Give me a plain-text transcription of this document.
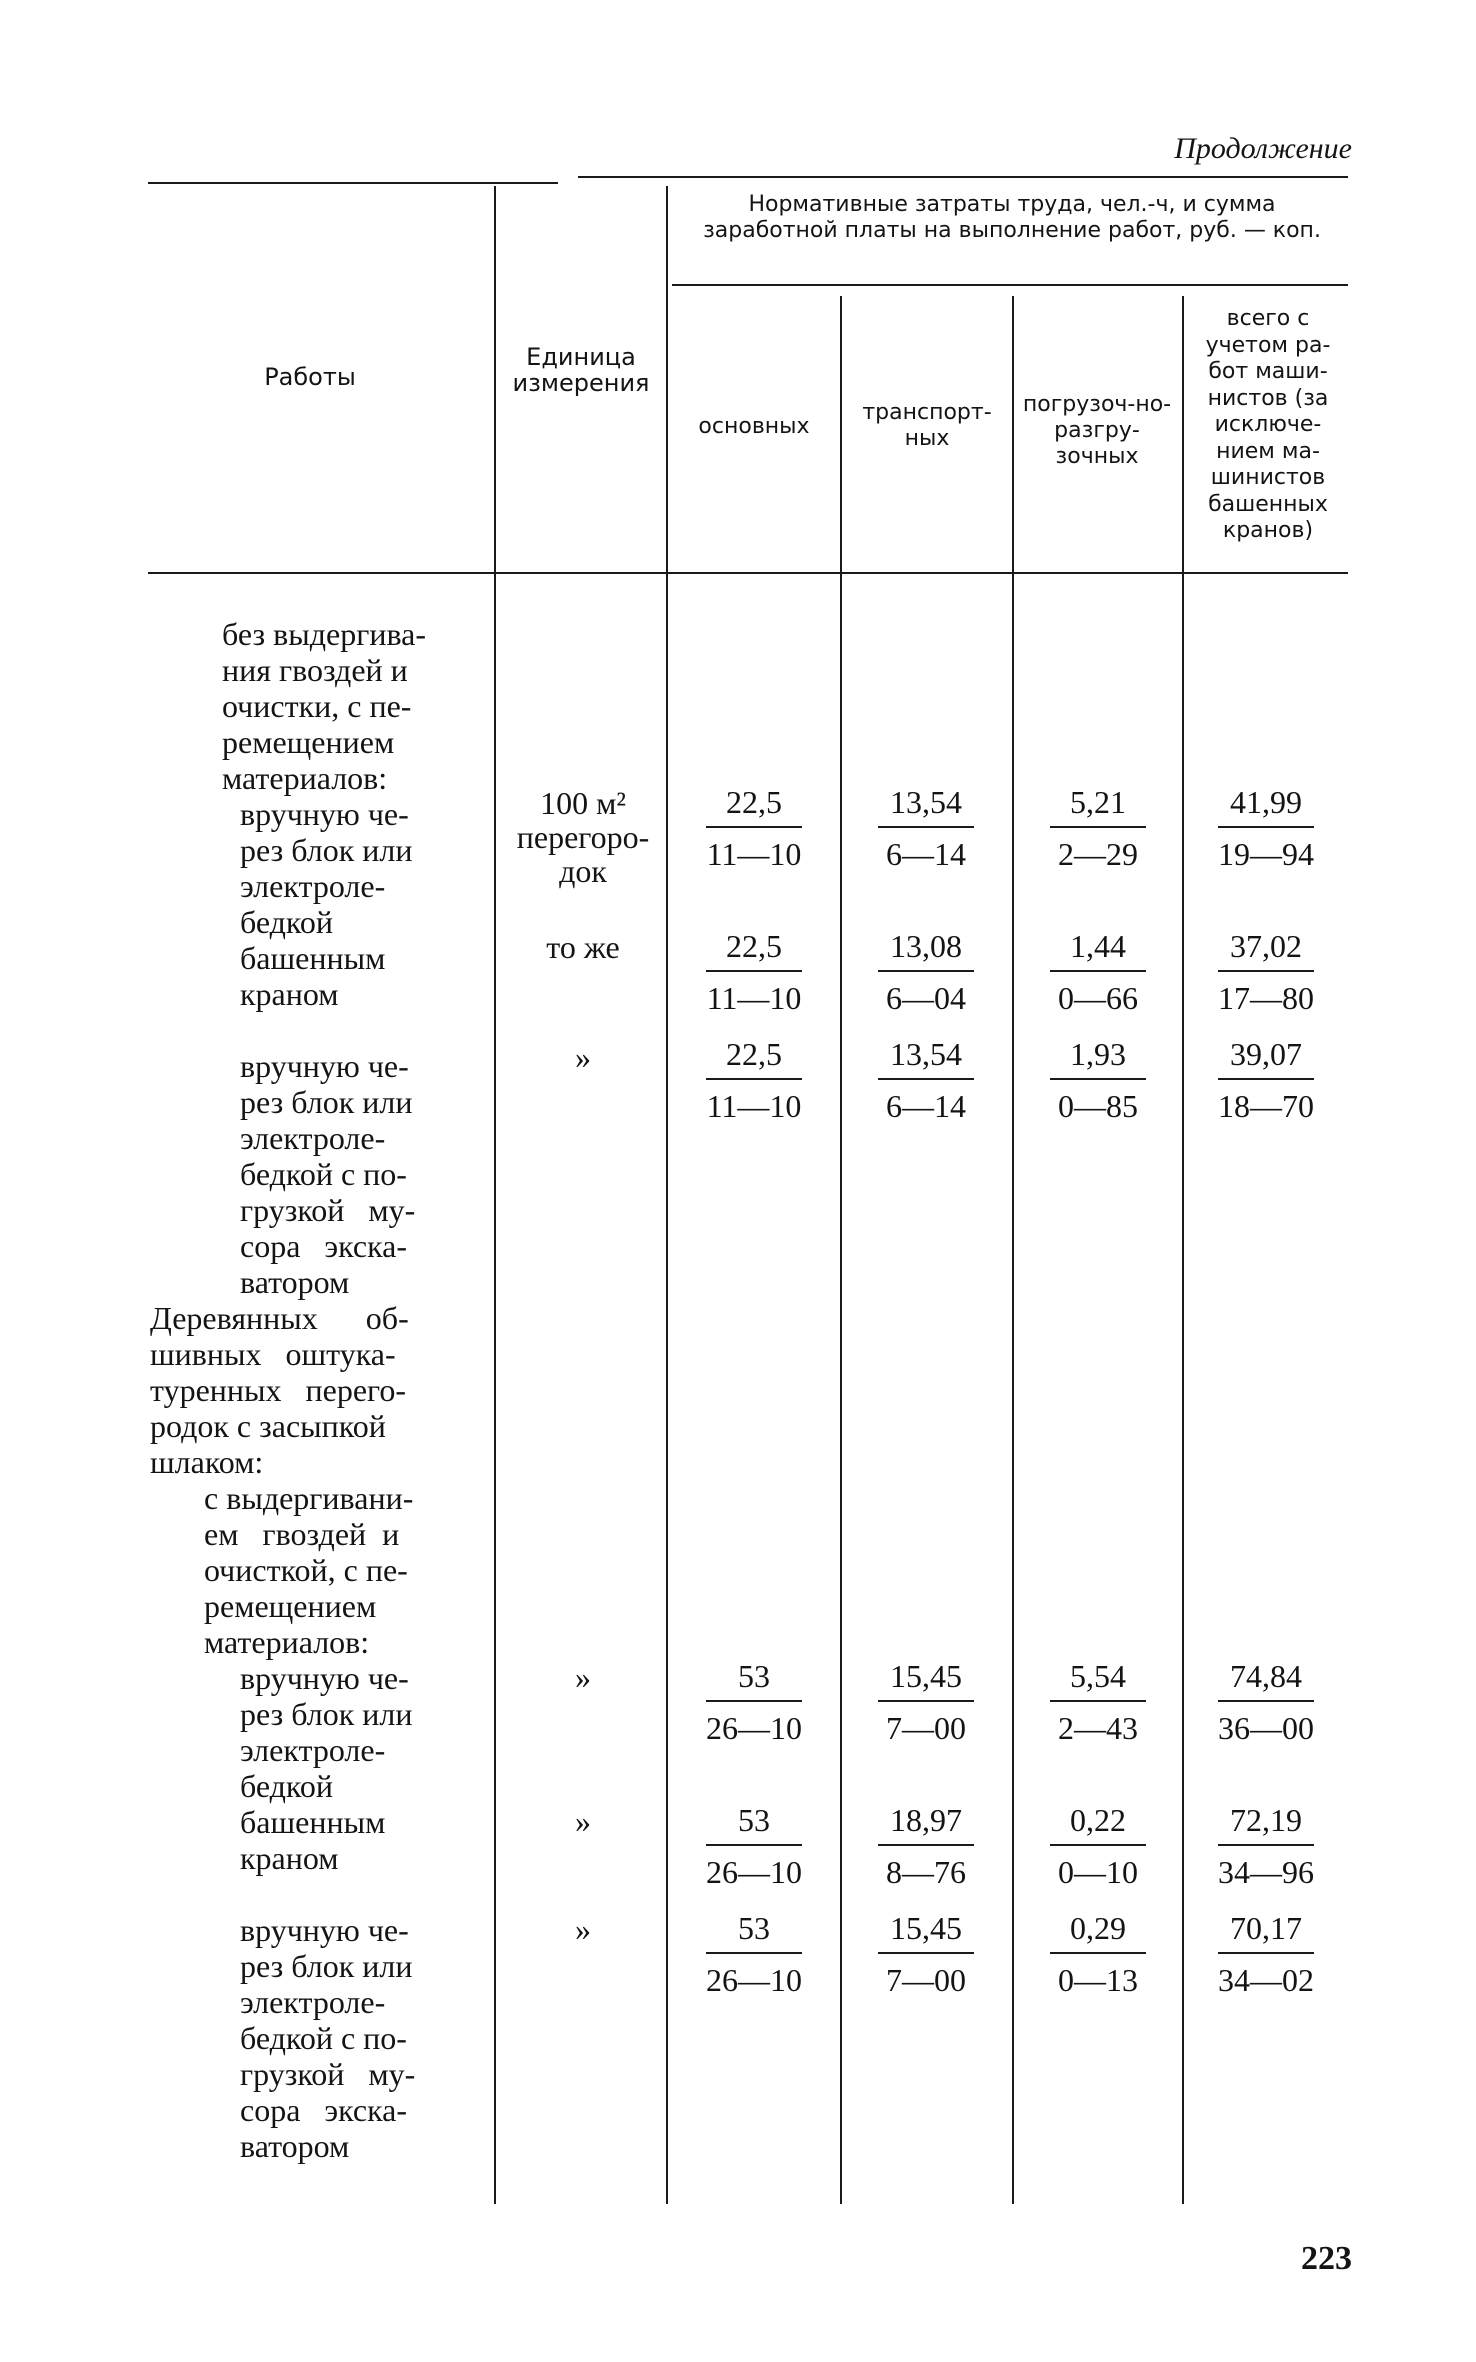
Продолжение
Работы
Единица измерения
Нормативные затраты труда, чел.-ч, и сумма заработной платы на выполнение работ, руб. — коп.
основных
транспорт-ных
погрузоч-но-разгру-зочных
всего с учетом ра-бот маши-нистов (за исключе-нием ма-шинистов башенных кранов)
без выдергива-
ния гвоздей и
очистки, с пе-
ремещением
материалов:
вручную че-
рез блок или
электроле-
бедкой
башенным
краном
вручную че-
рез блок или
электроле-
бедкой с по-
грузкой   му-
сора   экска-
ватором
Деревянных      об-
шивных   оштука-
туренных   перего-
родок с засыпкой
шлаком:
с выдергивани-
ем   гвоздей  и
очисткой, с пе-
ремещением
материалов:
вручную че-
рез блок или
электроле-
бедкой
башенным
краном
вручную че-
рез блок или
электроле-
бедкой с по-
грузкой   му-
сора   экска-
ватором
100 м² перегоро-док
то же
»
»
»
»
22,5
11—10
13,54
6—14
5,21
2—29
41,99
19—94
22,5
11—10
13,08
6—04
1,44
0—66
37,02
17—80
22,5
11—10
13,54
6—14
1,93
0—85
39,07
18—70
53
26—10
15,45
7—00
5,54
2—43
74,84
36—00
53
26—10
18,97
8—76
0,22
0—10
72,19
34—96
53
26—10
15,45
7—00
0,29
0—13
70,17
34—02
223
